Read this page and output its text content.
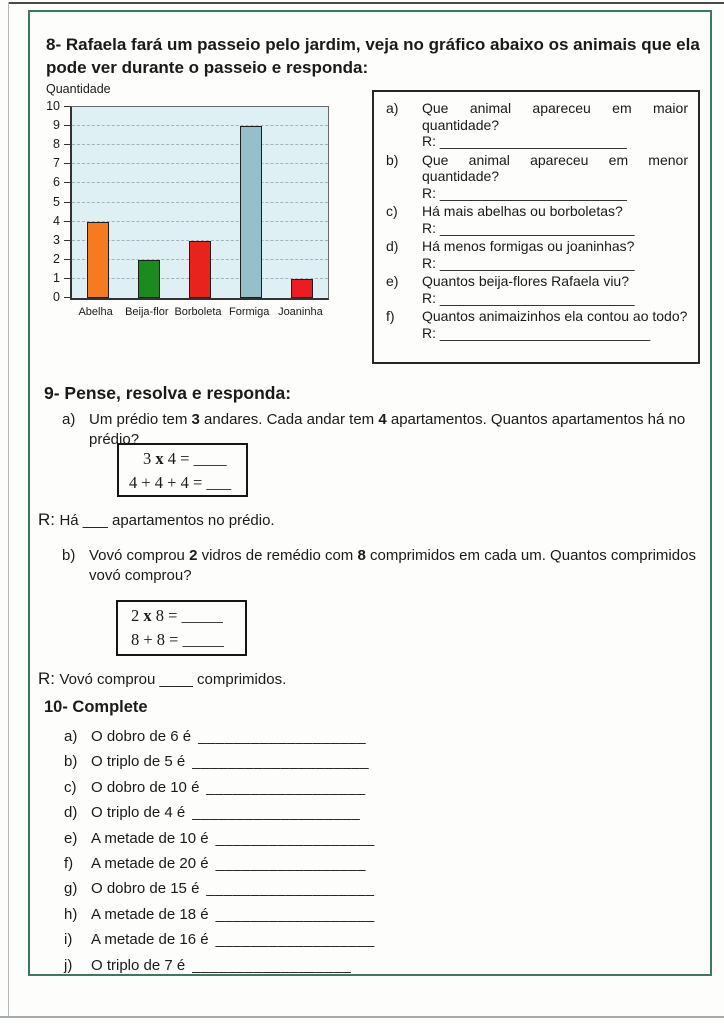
8- Rafaela fará um passeio pelo jardim, veja no gráfico abaixo os animais que ela pode ver durante o passeio e responda:
Quantidade
0
1
2
3
4
5
6
7
8
9
10
Abelha	Beija-flor Borboleta Formiga Joaninha
a)	Que animal apareceu em maior quantidade?
R: ________________________
b)	Que animal apareceu em menor quantidade?
R: ________________________
c)	Há mais abelhas ou borboletas?
R: _________________________
d)	Há menos formigas ou joaninhas?
R: _________________________
e)	Quantos beija-flores Rafaela viu?
R: _________________________
f)	Quantos animaizinhos ela contou ao todo?
R: ___________________________
9- Pense, resolva e responda:
a) Um prédio tem 3 andares. Cada andar tem 4 apartamentos. Quantos apartamentos há no prédio?
3 x 4 = ____
4 + 4 + 4 = ___
R: Há ___ apartamentos no prédio.
b) Vovó comprou 2 vidros de remédio com 8 comprimidos em cada um. Quantos comprimidos vovó comprou?
2 x 8 = _____
8 + 8 = _____
R: Vovó comprou ____ comprimidos.
10- Complete
a) O dobro de 6 é ___________________
b) O triplo de 5 é ____________________
c) O dobro de 10 é __________________
d) O triplo de 4 é ___________________
e) A metade de 10 é __________________
f)	A metade de 20 é _________________
g) O dobro de 15 é ___________________
h) A metade de 18 é __________________
i)	A metade de 16 é __________________
j)	O triplo de 7 é __________________
